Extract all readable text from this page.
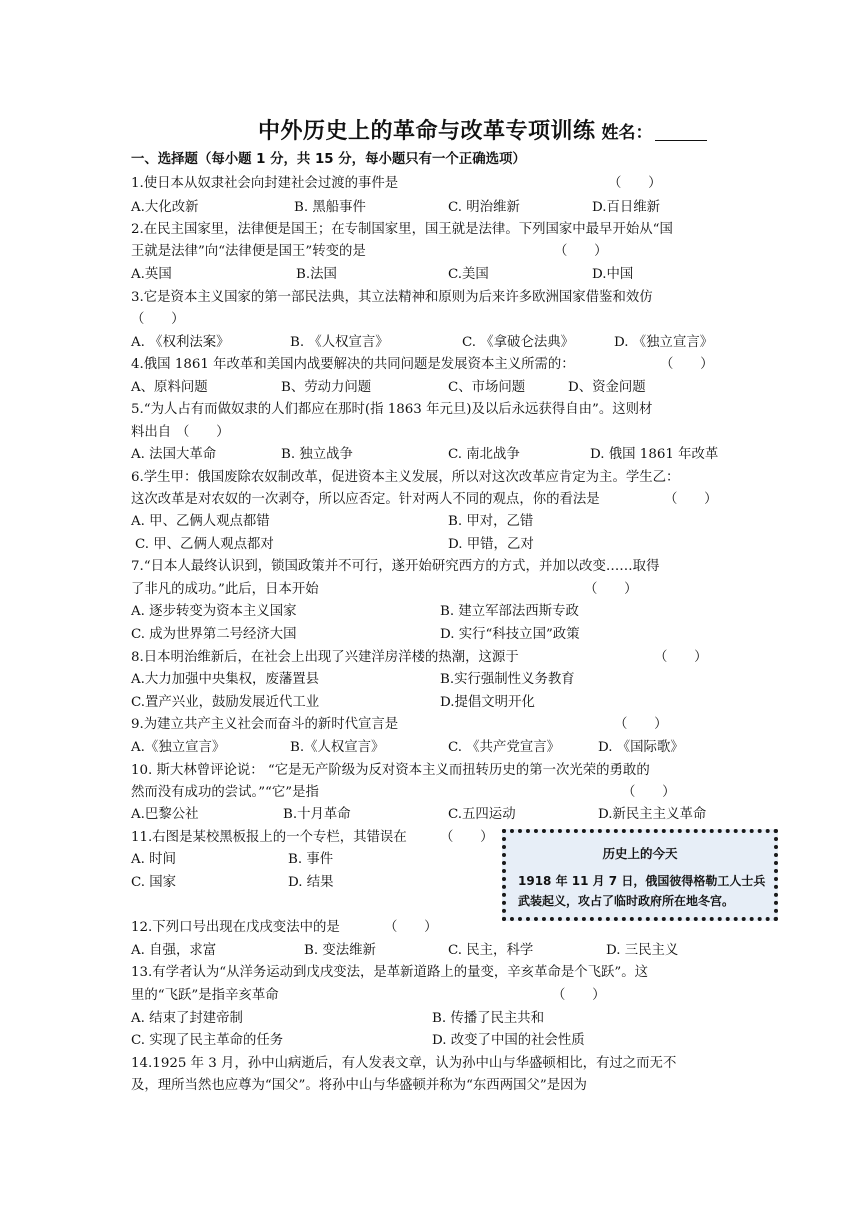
中外历史上的革命与改革专项训练 姓名：
一、选择题（每小题 1 分，共 15 分，每小题只有一个正确选项）
1.使日本从奴隶社会向封建社会过渡的事件是	（　　）
A.大化改新	B. 黑船事件	C. 明治维新	D.百日维新
2.在民主国家里，法律便是国王；在专制国家里，国王就是法律。下列国家中最早开始从“国
王就是法律”向“法律便是国王”转变的是	（　　）
A.英国	B.法国	C.美国	D.中国
3.它是资本主义国家的第一部民法典，其立法精神和原则为后来许多欧洲国家借鉴和效仿
（　　）
A. 《权利法案》	B. 《人权宣言》	C. 《拿破仑法典》	D. 《独立宣言》
4.俄国 1861 年改革和美国内战要解决的共同问题是发展资本主义所需的：	（　　）
A、原料问题	B、劳动力问题	C、市场问题	D、资金问题
5.“为人占有而做奴隶的人们都应在那时(指 1863 年元旦)及以后永远获得自由”。这则材
料出自 （　　）
A. 法国大革命	B. 独立战争	C. 南北战争	D. 俄国 1861 年改革
6.学生甲：俄国废除农奴制改革，促进资本主义发展，所以对这次改革应肯定为主。学生乙：
这次改革是对农奴的一次剥夺，所以应否定。针对两人不同的观点，你的看法是	（　　）
A. 甲、乙俩人观点都错	B. 甲对，乙错
C. 甲、乙俩人观点都对	D. 甲错，乙对
7.“日本人最终认识到，锁国政策并不可行，遂开始研究西方的方式，并加以改变……取得
了非凡的成功。”此后，日本开始	（　　）
A. 逐步转变为资本主义国家	B. 建立军部法西斯专政
C. 成为世界第二号经济大国	D. 实行“科技立国”政策
8.日本明治维新后，在社会上出现了兴建洋房洋楼的热潮，这源于	（　　）
A.大力加强中央集权，废藩置县	B.实行强制性义务教育
C.置产兴业，鼓励发展近代工业	D.提倡文明开化
9.为建立共产主义社会而奋斗的新时代宣言是	（　　）
A.《独立宣言》	B.《人权宣言》	C. 《共产党宣言》	D. 《国际歌》
10. 斯大林曾评论说： “它是无产阶级为反对资本主义而扭转历史的第一次光荣的勇敢的
然而没有成功的尝试。”“它”是指	（　　）
A.巴黎公社	B.十月革命	C.五四运动	D.新民主主义革命
11.右图是某校黑板报上的一个专栏，其错误在 （　　）
A. 时间	B. 事件
C. 国家	D. 结果
历史上的今天
1918 年 11 月 7 日，俄国彼得格勒工人士兵
武装起义，攻占了临时政府所在地冬宫。
12.下列口号出现在戊戌变法中的是	（　　）
A. 自强，求富	B. 变法维新	C. 民主，科学	D. 三民主义
13.有学者认为“从洋务运动到戊戌变法，是革新道路上的量变，辛亥革命是个飞跃”。这
里的“飞跃”是指辛亥革命	（　　）
A. 结束了封建帝制	B. 传播了民主共和
C. 实现了民主革命的任务	D. 改变了中国的社会性质
14.1925 年 3 月，孙中山病逝后，有人发表文章，认为孙中山与华盛顿相比，有过之而无不
及，理所当然也应尊为“国父”。将孙中山与华盛顿并称为“东西两国父”是因为
